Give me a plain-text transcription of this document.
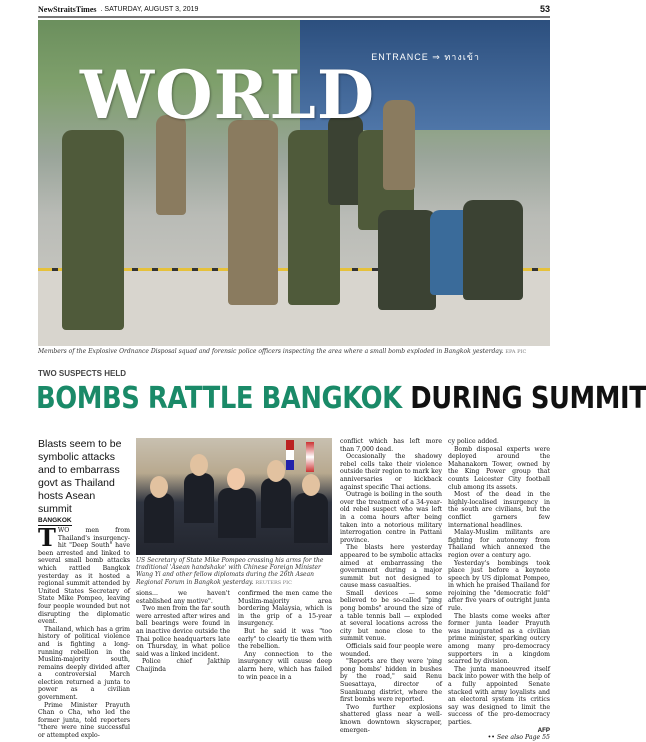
NewStraitsTimes . SATURDAY, AUGUST 3, 2019	53
ENTRANCE ⇒ ทางเข้า
WORLD
Members of the Explosive Ordnance Disposal squad and forensic police officers inspecting the area where a small bomb exploded in Bangkok yesterday. EPA PIC
TWO SUSPECTS HELD
BOMBS RATTLE BANGKOK DURING SUMMIT
Blasts seem to be symbolic attacks and to embarrass govt as Thailand hosts Asean summit
BANGKOK

TWO men from Thailand's insurgency-hit "Deep South" have been arrested and linked to several small bomb attacks which rattled Bangkok yesterday as it hosted a regional summit attended by United States Secretary of State Mike Pompeo, leaving four people wounded but not disrupting the diplomatic event.

Thailand, which has a grim history of political violence and is fighting a long-running rebellion in the Muslim-majority south, remains deeply divided after a controversial March election returned a junta to power as a civilian government.

Prime Minister Prayuth Chan o Cha, who led the former junta, told reporters "there were nine successful or attempted explo-

US Secretary of State Mike Pompeo crossing his arms for the traditional 'Asean handshake' with Chinese Foreign Minister Wang Yi and other fellow diplomats during the 26th Asean Regional Forum in Bangkok yesterday. REUTERS PIC

sions... we haven't established any motive".

Two men from the far south were arrested after wires and ball bearings were found in an inactive device outside the Thai police headquarters late on Thursday, in what police said was a linked incident.

Police chief Jakthip Chaijinda

confirmed the men came the Muslim-majority area bordering Malaysia, which is in the grip of a 15-year insurgency.

But he said it was "too early" to clearly tie them with the rebellion.

Any connection to the insurgency will cause deep alarm here, which has failed to win peace in a

conflict which has left more than 7,000 dead.

Occasionally the shadowy rebel cells take their violence outside their region to mark key anniversaries or kickback against specific Thai actions.

Outrage is boiling in the south over the treatment of a 34-year-old rebel suspect who was left in a coma hours after being taken into a notorious military interrogation centre in Pattani province.

The blasts here yesterday appeared to be symbolic attacks aimed at embarrassing the government during a major summit but not designed to cause mass casualties.

Small devices — some believed to be so-called "ping pong bombs" around the size of a table tennis ball — exploded at several locations across the city but none close to the summit venue.

Officials said four people were wounded.

"Reports are they were 'ping pong bombs' hidden in bushes by the road," said Renu Suesattaya, director of Suankuang district, where the first bombs were reported.

Two further explosions shattered glass near a well-known downtown skyscraper, emergen-

cy police added.

Bomb disposal experts were deployed around the Mahanakorn Tower, owned by the King Power group that counts Leicester City football club among its assets.

Most of the dead in the highly-localised insurgency in the south are civilians, but the conflict garners few international headlines.

Malay-Muslim militants are fighting for autonomy from Thailand which annexed the region over a century ago.

Yesterday's bombings took place just before a keynote speech by US diplomat Pompeo, in which he praised Thailand for rejoining the "democratic fold" after five years of outright junta rule.

The blasts come weeks after former junta leader Prayuth was inaugurated as a civilian prime minister, sparking outcry among many pro-democracy supporters in a kingdom scarred by division.

The junta manoeuvred itself back into power with the help of a fully appointed Senate stacked with army loyalists and an electoral system its critics say was designed to limit the success of the pro-democracy parties.

AFP

•• See also Page 55
